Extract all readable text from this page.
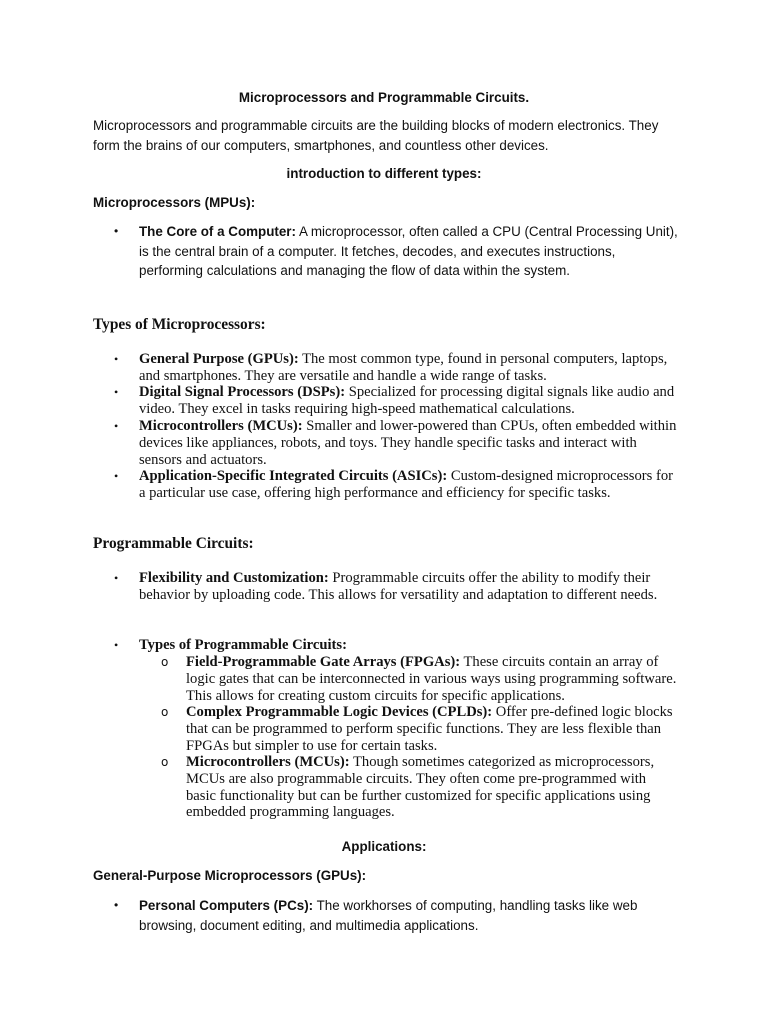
Microprocessors and Programmable Circuits.

Microprocessors and programmable circuits are the building blocks of modern electronics. They form the brains of our computers, smartphones, and countless other devices.

introduction to different types:

Microprocessors (MPUs):

• The Core of a Computer: A microprocessor, often called a CPU (Central Processing Unit), is the central brain of a computer. It fetches, decodes, and executes instructions, performing calculations and managing the flow of data within the system.

Types of Microprocessors:

• General Purpose (GPUs): The most common type, found in personal computers, laptops, and smartphones. They are versatile and handle a wide range of tasks.

• Digital Signal Processors (DSPs): Specialized for processing digital signals like audio and video. They excel in tasks requiring high-speed mathematical calculations.

• Microcontrollers (MCUs): Smaller and lower-powered than CPUs, often embedded within devices like appliances, robots, and toys. They handle specific tasks and interact with sensors and actuators.

• Application-Specific Integrated Circuits (ASICs): Custom-designed microprocessors for a particular use case, offering high performance and efficiency for specific tasks.

Programmable Circuits:

• Flexibility and Customization: Programmable circuits offer the ability to modify their behavior by uploading code. This allows for versatility and adaptation to different needs.

• Types of Programmable Circuits:

o Field-Programmable Gate Arrays (FPGAs): These circuits contain an array of logic gates that can be interconnected in various ways using programming software. This allows for creating custom circuits for specific applications.

o Complex Programmable Logic Devices (CPLDs): Offer pre-defined logic blocks that can be programmed to perform specific functions. They are less flexible than FPGAs but simpler to use for certain tasks.

o Microcontrollers (MCUs): Though sometimes categorized as microprocessors, MCUs are also programmable circuits. They often come pre-programmed with basic functionality but can be further customized for specific applications using embedded programming languages.

Applications:

General-Purpose Microprocessors (GPUs):

• Personal Computers (PCs): The workhorses of computing, handling tasks like web browsing, document editing, and multimedia applications.
